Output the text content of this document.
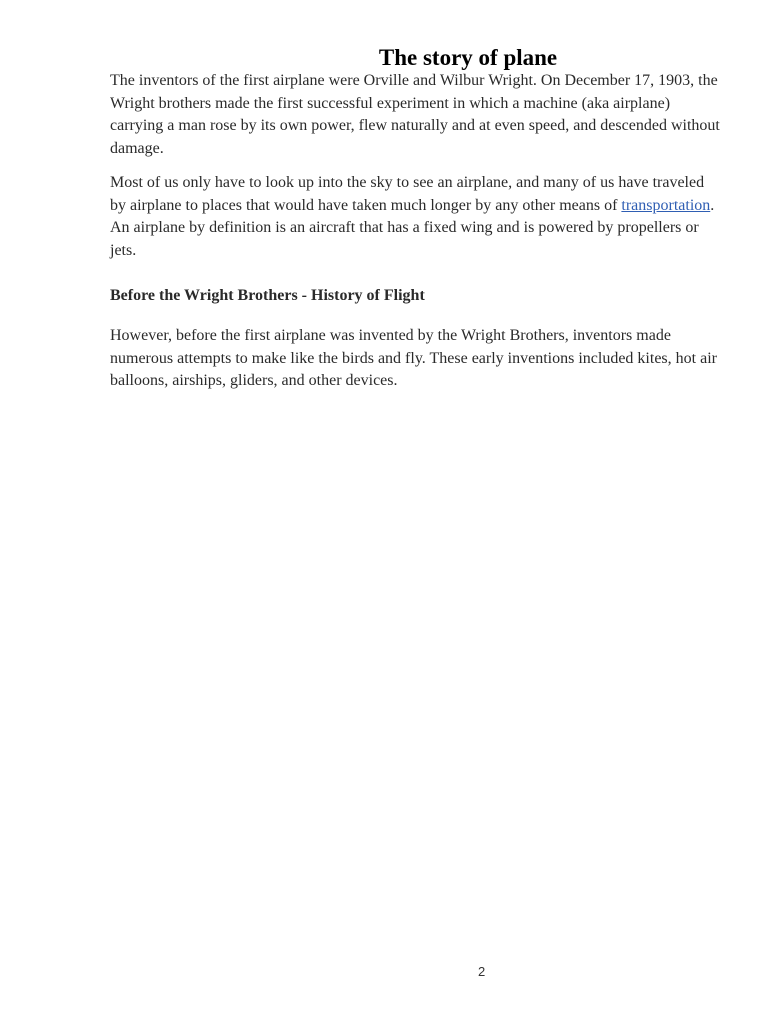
The story of plane

The inventors of the first airplane were Orville and Wilbur Wright. On December 17, 1903, the Wright brothers made the first successful experiment in which a machine (aka airplane) carrying a man rose by its own power, flew naturally and at even speed, and descended without damage.

Most of us only have to look up into the sky to see an airplane, and many of us have traveled by airplane to places that would have taken much longer by any other means of transportation. An airplane by definition is an aircraft that has a fixed wing and is powered by propellers or jets.

Before the Wright Brothers - History of Flight

However, before the first airplane was invented by the Wright Brothers, inventors made numerous attempts to make like the birds and fly. These early inventions included kites, hot air balloons, airships, gliders, and other devices.

2
